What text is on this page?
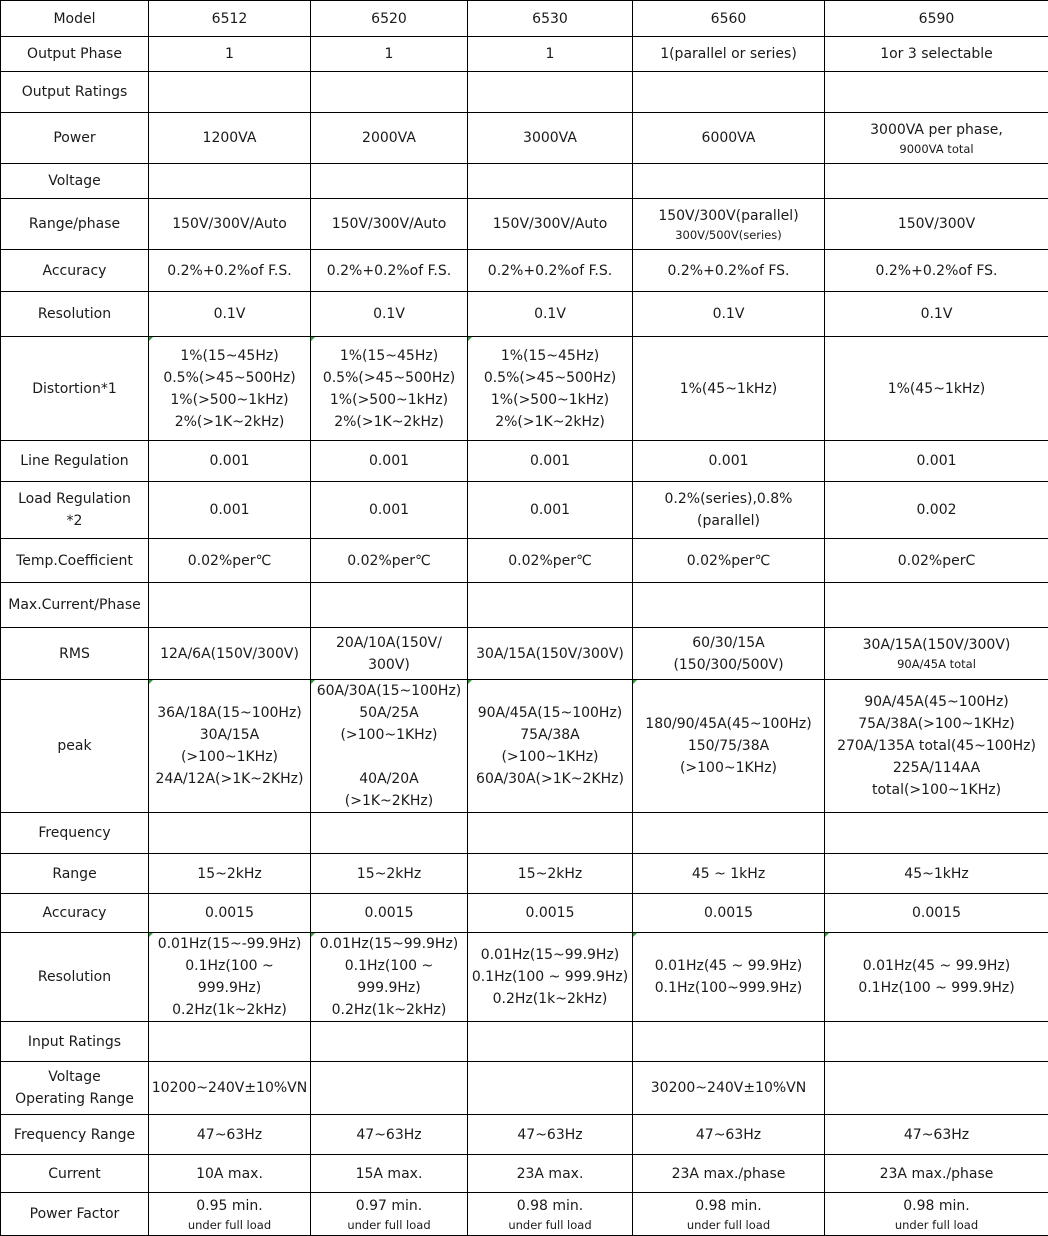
Model	6512	6520	6530	6560	6590

Output Phase	1	1	1	1(parallel or series)	1or 3 selectable

Output Ratings					

Power	1200VA	2000VA	3000VA	6000VA	3000VA per phase,
9000VA total

Voltage					

Range/phase	150V/300V/Auto	150V/300V/Auto	150V/300V/Auto	150V/300V(parallel)
300V/500V(series)	150V/300V

Accuracy	0.2%+0.2%of F.S.	0.2%+0.2%of F.S.	0.2%+0.2%of F.S.	0.2%+0.2%of FS.	0.2%+0.2%of FS.

Resolution	0.1V	0.1V	0.1V	0.1V	0.1V

Distortion*1	1%(15~45Hz)
0.5%(>45~500Hz)
1%(>500~1kHz)
2%(>1K~2kHz)	1%(15~45Hz)
0.5%(>45~500Hz)
1%(>500~1kHz)
2%(>1K~2kHz)	1%(15~45Hz)
0.5%(>45~500Hz)
1%(>500~1kHz)
2%(>1K~2kHz)	1%(45~1kHz)	1%(45~1kHz)

Line Regulation	0.001	0.001	0.001	0.001	0.001

Load Regulation
*2	0.001	0.001	0.001	0.2%(series),0.8%
(parallel)	0.002

Temp.Coefficient	0.02%per℃	0.02%per℃	0.02%per℃	0.02%per℃	0.02%perC

Max.Current/Phase					

RMS	12A/6A(150V/300V)	20A/10A(150V/
300V)	30A/15A(150V/300V)	60/30/15A
(150/300/500V)	30A/15A(150V/300V)
90A/45A total

peak	36A/18A(15~100Hz)
30A/15A
(>100~1KHz)
24A/12A(>1K~2KHz)	60A/30A(15~100Hz)
50A/25A
(>100~1KHz)

40A/20A
(>1K~2KHz)	90A/45A(15~100Hz)
75A/38A
(>100~1KHz)
60A/30A(>1K~2KHz)	180/90/45A(45~100Hz)
150/75/38A
(>100~1KHz)	90A/45A(45~100Hz)
75A/38A(>100~1KHz)
270A/135A total(45~100Hz)
225A/114AA
total(>100~1KHz)

Frequency					

Range	15~2kHz	15~2kHz	15~2kHz	45 ~ 1kHz	45~1kHz

Accuracy	0.0015	0.0015	0.0015	0.0015	0.0015

Resolution	0.01Hz(15~-99.9Hz)
0.1Hz(100 ~
999.9Hz)
0.2Hz(1k~2kHz)	0.01Hz(15~99.9Hz)
0.1Hz(100 ~
999.9Hz)
0.2Hz(1k~2kHz)	0.01Hz(15~99.9Hz)
0.1Hz(100 ~ 999.9Hz)
0.2Hz(1k~2kHz)	0.01Hz(45 ~ 99.9Hz)
0.1Hz(100~999.9Hz)	0.01Hz(45 ~ 99.9Hz)
0.1Hz(100 ~ 999.9Hz)

Input Ratings					

Voltage
Operating Range	10200~240V±10%VN			30200~240V±10%VN	

Frequency Range	47~63Hz	47~63Hz	47~63Hz	47~63Hz	47~63Hz

Current	10A max.	15A max.	23A max.	23A max./phase	23A max./phase

Power Factor	0.95 min.
under full load	0.97 min.
under full load	0.98 min.
under full load	0.98 min.
under full load	0.98 min.
under full load
